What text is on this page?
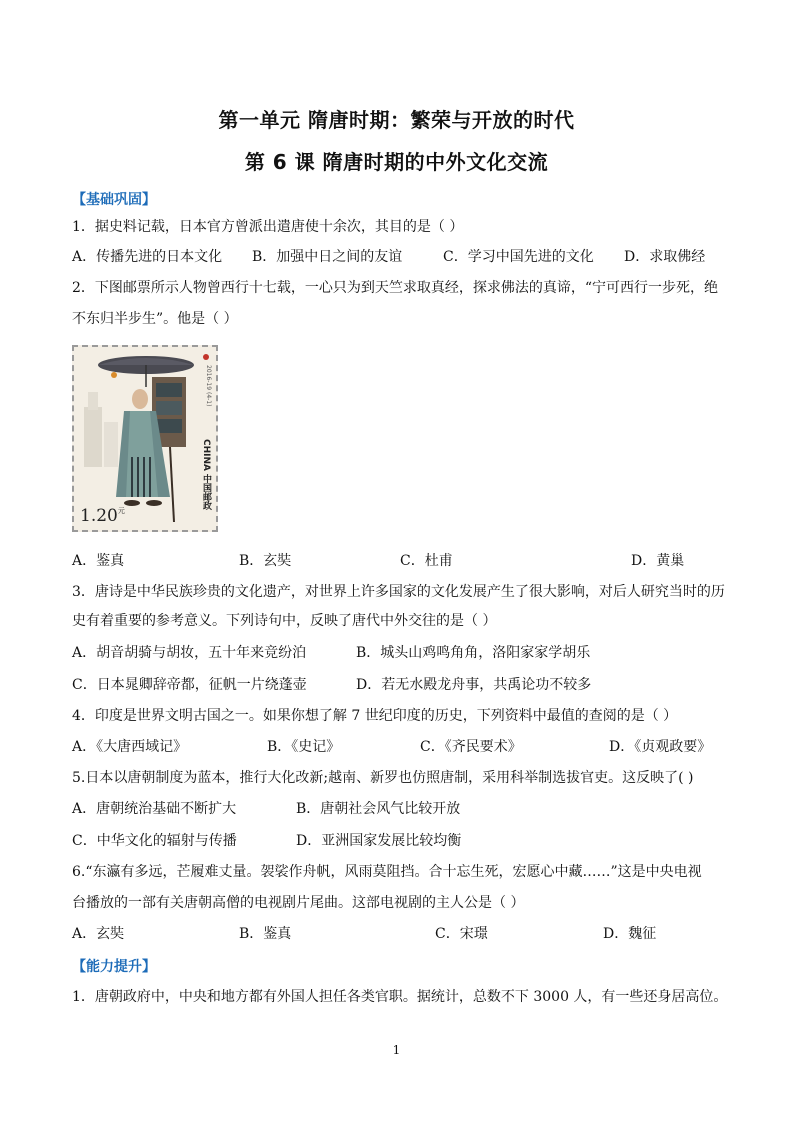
第一单元 隋唐时期：繁荣与开放的时代
第 6 课 隋唐时期的中外文化交流
【基础巩固】
1．据史料记载，日本官方曾派出遣唐使十余次，其目的是（ ）
A．传播先进的日本文化 B．加强中日之间的友谊	C．学习中国先进的文化 D．求取佛经
2．下图邮票所示人物曾西行十七载，一心只为到天竺求取真经，探求佛法的真谛，“宁可西行一步死，绝
不东归半步生”。他是（ ）
2016-19 (4-1)
CHINA 中国邮政
$1.20^元$
A．鉴真	B．玄奘	C．杜甫	D．黄巢
3．唐诗是中华民族珍贵的文化遗产，对世界上许多国家的文化发展产生了很大影响，对后人研究当时的历
史有着重要的参考意义。下列诗句中，反映了唐代中外交往的是（ ）
A．胡音胡骑与胡妆，五十年来竞纷泊	B．城头山鸡鸣角角，洛阳家家学胡乐
C．日本晁卿辞帝都，征帆一片绕蓬壶	D．若无水殿龙舟事，共禹论功不较多
4．印度是世界文明古国之一。如果你想了解 7 世纪印度的历史，下列资料中最值的查阅的是（ ）
A．《大唐西域记》	B．《史记》	C．《齐民要术》	D．《贞观政要》
5.日本以唐朝制度为蓝本，推行大化改新;越南、新罗也仿照唐制，采用科举制选拔官吏。这反映了( )
A．唐朝统治基础不断扩大	B．唐朝社会风气比较开放
C．中华文化的辐射与传播	D．亚洲国家发展比较均衡
6.“东瀛有多远，芒履难丈量。袈裟作舟帆，风雨莫阻挡。合十忘生死，宏愿心中藏……”这是中央电视
台播放的一部有关唐朝高僧的电视剧片尾曲。这部电视剧的主人公是（ ）
A．玄奘	B．鉴真	C．宋璟	D．魏征
【能力提升】
1．唐朝政府中，中央和地方都有外国人担任各类官职。据统计，总数不下 3000 人，有一些还身居高位。
1
